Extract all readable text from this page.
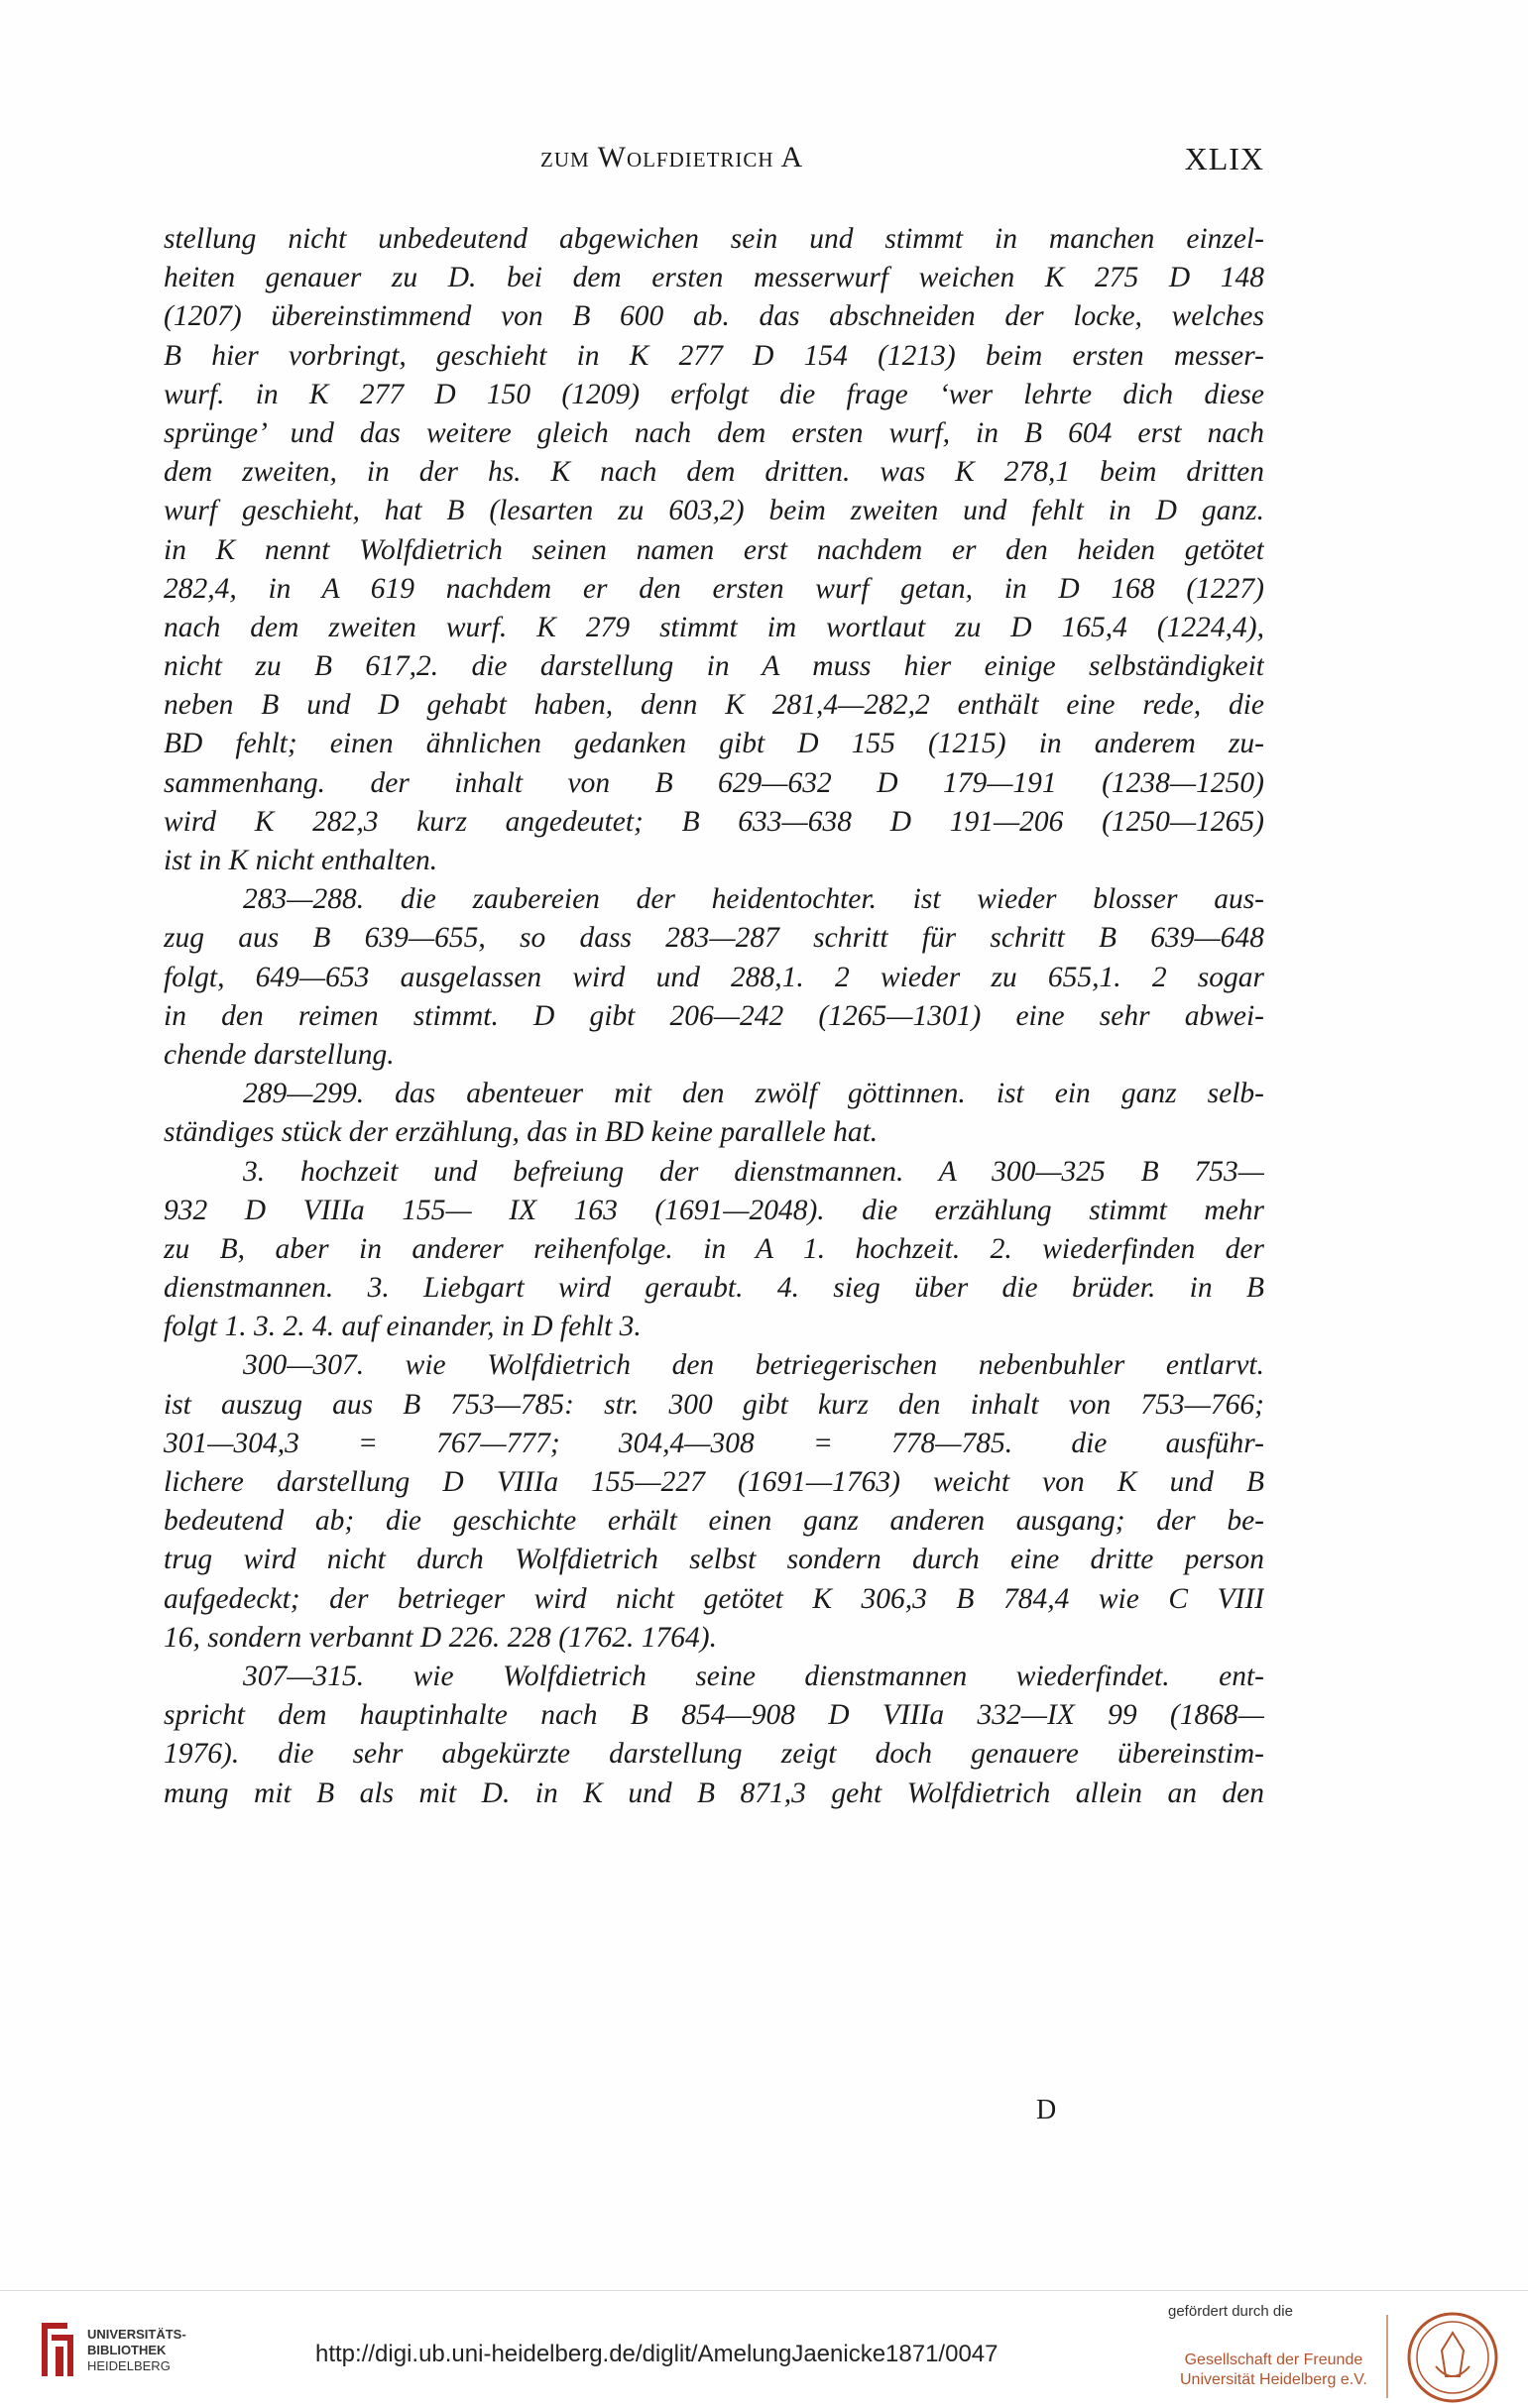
zum Wolfdietrich A	XLIX
stellung nicht unbedeutend abgewichen sein und stimmt in manchen einzel-
heiten genauer zu D. bei dem ersten messerwurf weichen K 275 D 148
(1207) übereinstimmend von B 600 ab. das abschneiden der locke, welches
B hier vorbringt, geschieht in K 277 D 154 (1213) beim ersten messer-
wurf. in K 277 D 150 (1209) erfolgt die frage ‘wer lehrte dich diese
sprünge’ und das weitere gleich nach dem ersten wurf, in B 604 erst nach
dem zweiten, in der hs. K nach dem dritten. was K 278,1 beim dritten
wurf geschieht, hat B (lesarten zu 603,2) beim zweiten und fehlt in D ganz.
in K nennt Wolfdietrich seinen namen erst nachdem er den heiden getötet
282,4, in A 619 nachdem er den ersten wurf getan, in D 168 (1227)
nach dem zweiten wurf. K 279 stimmt im wortlaut zu D 165,4 (1224,4),
nicht zu B 617,2. die darstellung in A muss hier einige selbständigkeit
neben B und D gehabt haben, denn K 281,4—282,2 enthält eine rede, die
BD fehlt; einen ähnlichen gedanken gibt D 155 (1215) in anderem zu-
sammenhang. der inhalt von B 629—632 D 179—191 (1238—1250)
wird K 282,3 kurz angedeutet; B 633—638 D 191—206 (1250—1265)
ist in K nicht enthalten.
283—288. die zaubereien der heidentochter. ist wieder blosser aus-
zug aus B 639—655, so dass 283—287 schritt für schritt B 639—648
folgt, 649—653 ausgelassen wird und 288,1. 2 wieder zu 655,1. 2 sogar
in den reimen stimmt. D gibt 206—242 (1265—1301) eine sehr abwei-
chende darstellung.
289—299. das abenteuer mit den zwölf göttinnen. ist ein ganz selb-
ständiges stück der erzählung, das in BD keine parallele hat.
3. hochzeit und befreiung der dienstmannen. A 300—325 B 753—
932 D VIIIa 155— IX 163 (1691—2048). die erzählung stimmt mehr
zu B, aber in anderer reihenfolge. in A 1. hochzeit. 2. wiederfinden der
dienstmannen. 3. Liebgart wird geraubt. 4. sieg über die brüder. in B
folgt 1. 3. 2. 4. auf einander, in D fehlt 3.
300—307. wie Wolfdietrich den betriegerischen nebenbuhler entlarvt.
ist auszug aus B 753—785: str. 300 gibt kurz den inhalt von 753—766;
301—304,3 = 767—777; 304,4—308 = 778—785. die ausführ-
lichere darstellung D VIIIa 155—227 (1691—1763) weicht von K und B
bedeutend ab; die geschichte erhält einen ganz anderen ausgang; der be-
trug wird nicht durch Wolfdietrich selbst sondern durch eine dritte person
aufgedeckt; der betrieger wird nicht getötet K 306,3 B 784,4 wie C VIII
16, sondern verbannt D 226. 228 (1762. 1764).
307—315. wie Wolfdietrich seine dienstmannen wiederfindet. ent-
spricht dem hauptinhalte nach B 854—908 D VIIIa 332—IX 99 (1868—
1976). die sehr abgekürzte darstellung zeigt doch genauere übereinstim-
mung mit B als mit D. in K und B 871,3 geht Wolfdietrich allein an den
D
UNIVERSITÄTS-
BIBLIOTHEK
HEIDELBERG	http://digi.ub.uni-heidelberg.de/diglit/AmelungJaenicke1871/0047
gefördert durch die
Gesellschaft der Freunde
Universität Heidelberg e.V.
